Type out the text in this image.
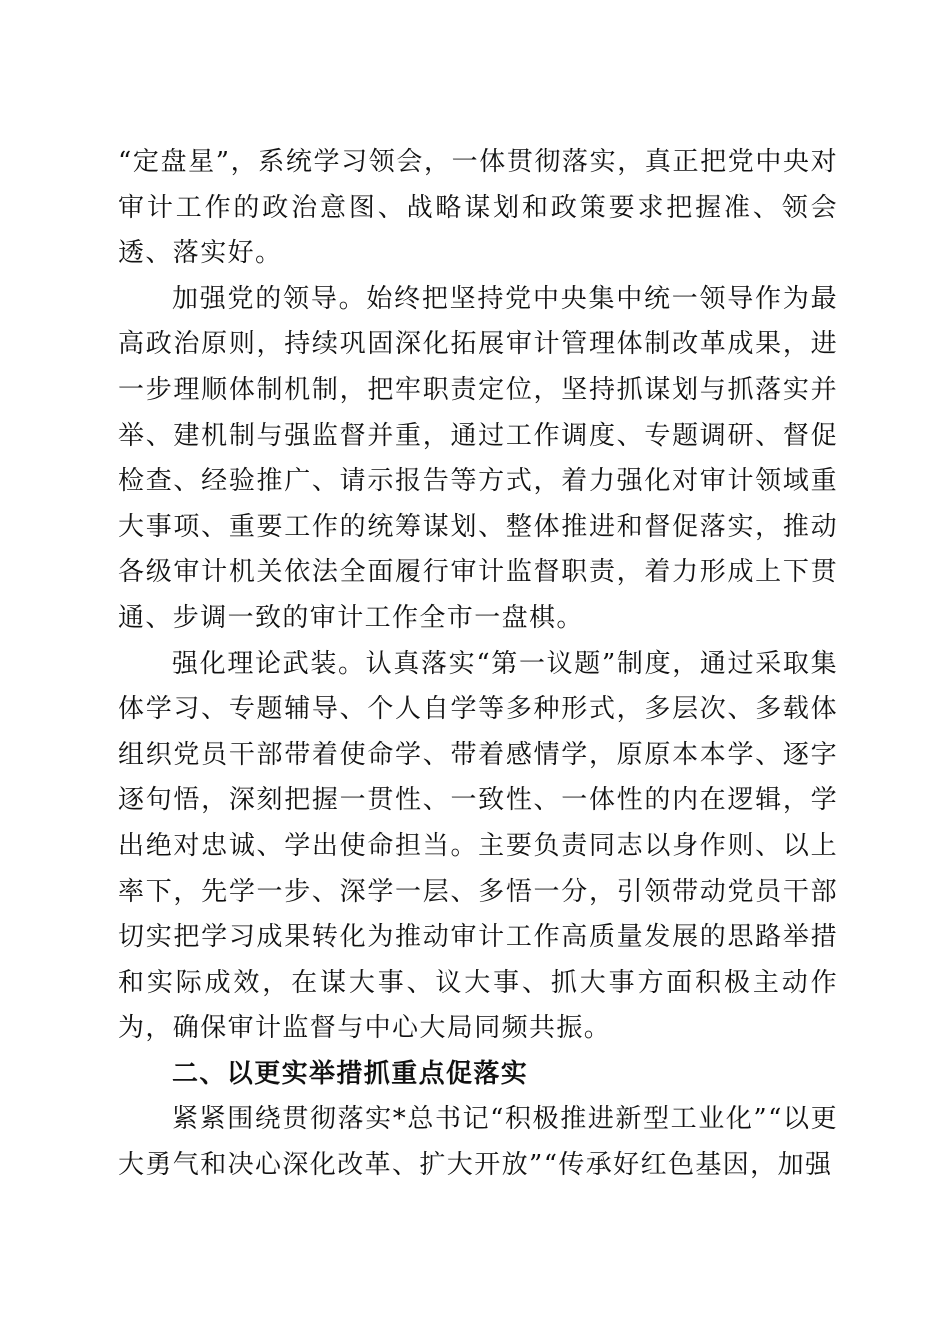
“定盘星”，系统学习领会，一体贯彻落实，真正把党中央对审计工作的政治意图、战略谋划和政策要求把握准、领会透、落实好。

加强党的领导。始终把坚持党中央集中统一领导作为最高政治原则，持续巩固深化拓展审计管理体制改革成果，进一步理顺体制机制，把牢职责定位，坚持抓谋划与抓落实并举、建机制与强监督并重，通过工作调度、专题调研、督促检查、经验推广、请示报告等方式，着力强化对审计领域重大事项、重要工作的统筹谋划、整体推进和督促落实，推动各级审计机关依法全面履行审计监督职责，着力形成上下贯通、步调一致的审计工作全市一盘棋。

强化理论武装。认真落实“第一议题”制度，通过采取集体学习、专题辅导、个人自学等多种形式，多层次、多载体组织党员干部带着使命学、带着感情学，原原本本学、逐字逐句悟，深刻把握一贯性、一致性、一体性的内在逻辑，学出绝对忠诚、学出使命担当。主要负责同志以身作则、以上率下，先学一步、深学一层、多悟一分，引领带动党员干部切实把学习成果转化为推动审计工作高质量发展的思路举措和实际成效，在谋大事、议大事、抓大事方面积极主动作为，确保审计监督与中心大局同频共振。

二、以更实举措抓重点促落实

紧紧围绕贯彻落实*总书记“积极推进新型工业化”“以更大勇气和决心深化改革、扩大开放”“传承好红色基因，加强
